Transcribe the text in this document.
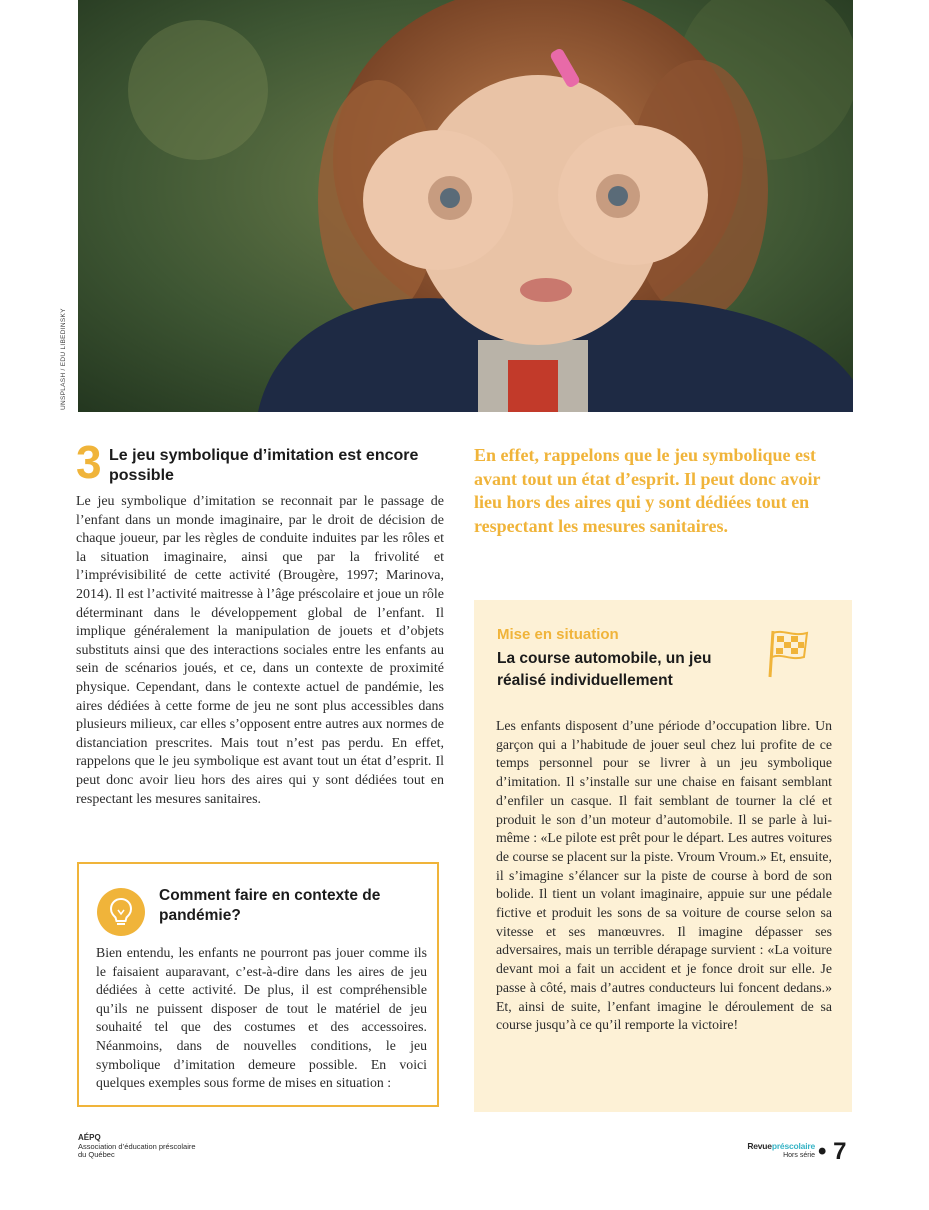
UNSPLASH / EDU LIBEDINSKY
3 Le jeu symbolique d’imitation est encore possible
Le jeu symbolique d’imitation se reconnait par le passage de l’enfant dans un monde imaginaire, par le droit de décision de chaque joueur, par les règles de conduite induites par les rôles et la situation imaginaire, ainsi que par la frivolité et l’imprévisibilité de cette activité (Brougère, 1997; Marinova, 2014). Il est l’activité maitresse à l’âge préscolaire et joue un rôle déterminant dans le développement global de l’enfant. Il implique généralement la manipulation de jouets et d’objets substituts ainsi que des interactions sociales entre les enfants au sein de scénarios joués, et ce, dans un contexte de proximité physique. Cependant, dans le contexte actuel de pandémie, les aires dédiées à cette forme de jeu ne sont plus accessibles dans plusieurs milieux, car elles s’opposent entre autres aux normes de distanciation prescrites. Mais tout n’est pas perdu. En effet, rappelons que le jeu symbolique est avant tout un état d’esprit. Il peut donc avoir lieu hors des aires qui y sont dédiées tout en respectant les mesures sanitaires.
Comment faire en contexte de pandémie?
Bien entendu, les enfants ne pourront pas jouer comme ils le faisaient auparavant, c’est-à-dire dans les aires de jeu dédiées à cette activité. De plus, il est compréhensible qu’ils ne puissent disposer de tout le matériel de jeu souhaité tel que des costumes et des accessoires. Néanmoins, dans de nouvelles conditions, le jeu symbolique d’imitation demeure possible. En voici quelques exemples sous forme de mises en situation :
En effet, rappelons que le jeu symbolique est avant tout un état d’esprit. Il peut donc avoir lieu hors des aires qui y sont dédiées tout en respectant les mesures sanitaires.
Mise en situation
La course automobile, un jeu réalisé individuellement
Les enfants disposent d’une période d’occupation libre. Un garçon qui a l’habitude de jouer seul chez lui profite de ce temps personnel pour se livrer à un jeu symbolique d’imitation. Il s’installe sur une chaise en faisant semblant d’enfiler un casque. Il fait semblant de tourner la clé et produit le son d’un moteur d’automobile. Il se parle à lui-même : «Le pilote est prêt pour le départ. Les autres voitures de course se placent sur la piste. Vroum Vroum.» Et, ensuite, il s’imagine s’élancer sur la piste de course à bord de son bolide. Il tient un volant imaginaire, appuie sur une pédale fictive et produit les sons de sa voiture de course selon sa vitesse et ses manœuvres. Il imagine dépasser ses adversaires, mais un terrible dérapage survient : «La voiture devant moi a fait un accident et je fonce droit sur elle. Je passe à côté, mais d’autres conducteurs lui foncent dedans.» Et, ainsi de suite, l’enfant imagine le déroulement de sa course jusqu’à ce qu’il remporte la victoire!
AÉPQ
Association d’éducation préscolaire
du Québec
Revuepréscolaire
Hors série • 7
